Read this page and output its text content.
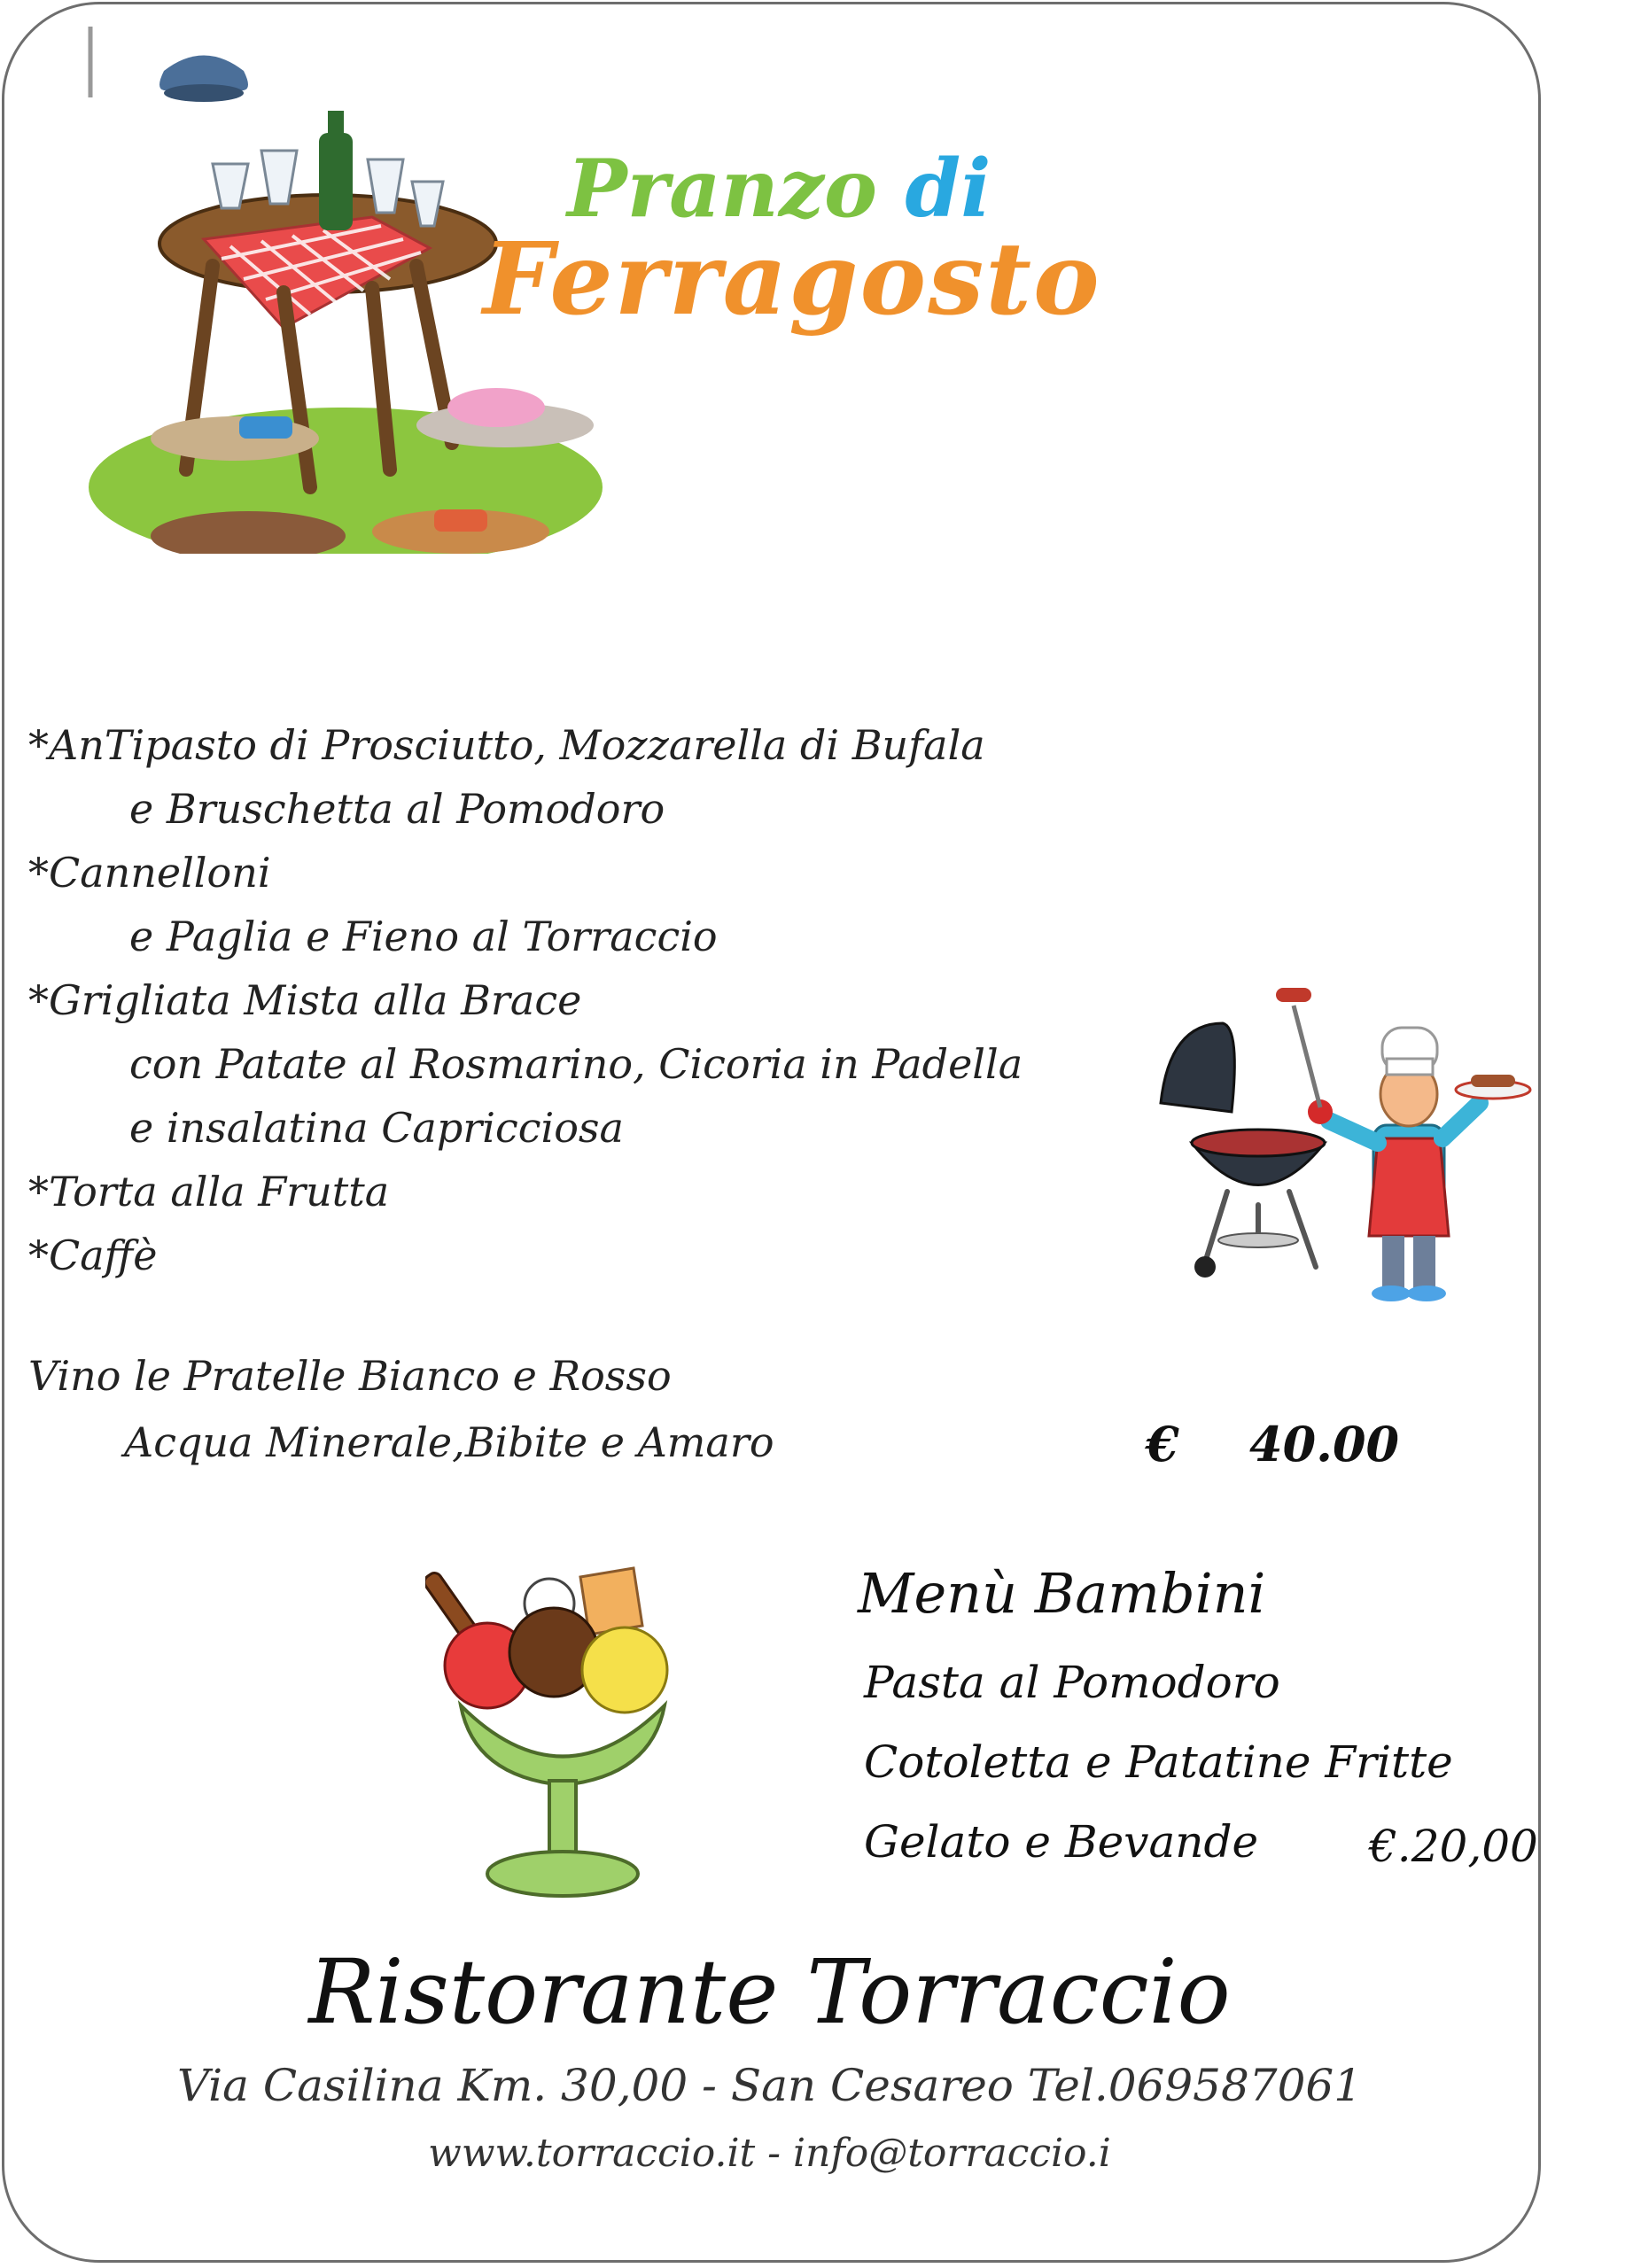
Pranzo di
Ferragosto
*AnTipasto di Prosciutto, Mozzarella di Bufala
e Bruschetta al Pomodoro
*Cannelloni
e Paglia e Fieno al Torraccio
*Grigliata Mista alla Brace
con Patate al Rosmarino, Cicoria in Padella
e insalatina Capricciosa
*Torta alla Frutta
*Caffè
Vino le Pratelle Bianco e Rosso
Acqua Minerale,Bibite e Amaro	€ 40.00
Menù Bambini
Pasta al Pomodoro
Cotoletta e Patatine Fritte
Gelato e Bevande €.20,00
Ristorante Torraccio
Via Casilina Km. 30,00 - San Cesareo Tel.069587061
www.torraccio.it - info@torraccio.i
